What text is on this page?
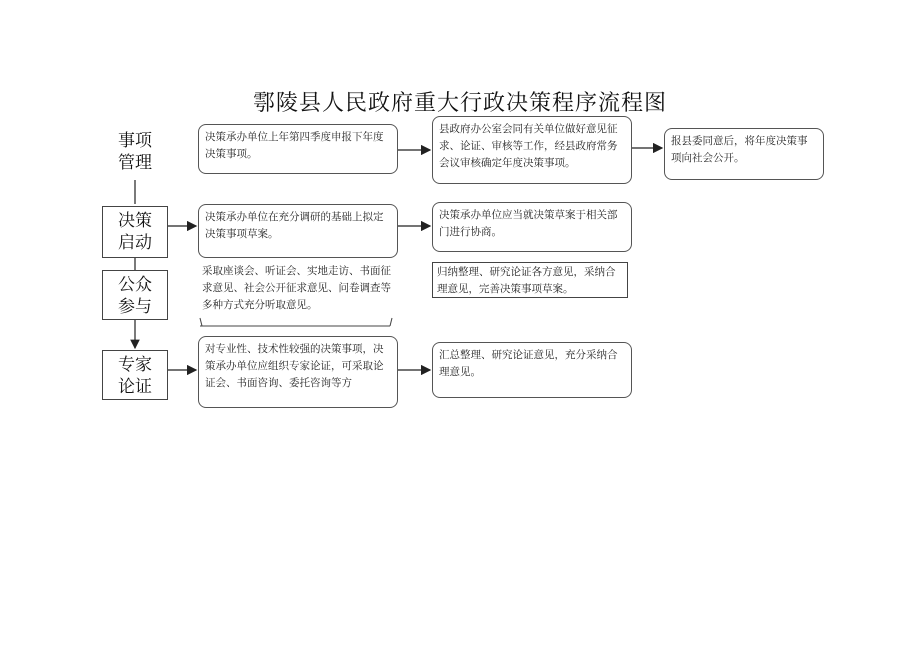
鄠陵县人民政府重大行政决策程序流程图
事项
管理
决策
启动
公众
参与
专家
论证
决策承办单位上年第四季度申报下年度决策事项。
县政府办公室会同有关单位做好意见征求、论证、审核等工作，经县政府常务会议审核确定年度决策事项。
报县委同意后，将年度决策事项向社会公开。
决策承办单位在充分调研的基础上拟定决策事项草案。
决策承办单位应当就决策草案于相关部门进行协商。
采取座谈会、听证会、实地走访、书面征求意见、社会公开征求意见、问卷调查等多种方式充分听取意见。
归纳整理、研究论证各方意见，采纳合理意见，完善决策事项草案。
对专业性、技术性较强的决策事项，决策承办单位应组织专家论证，可采取论证会、书面咨询、委托咨询等方
汇总整理、研究论证意见，充分采纳合理意见。
